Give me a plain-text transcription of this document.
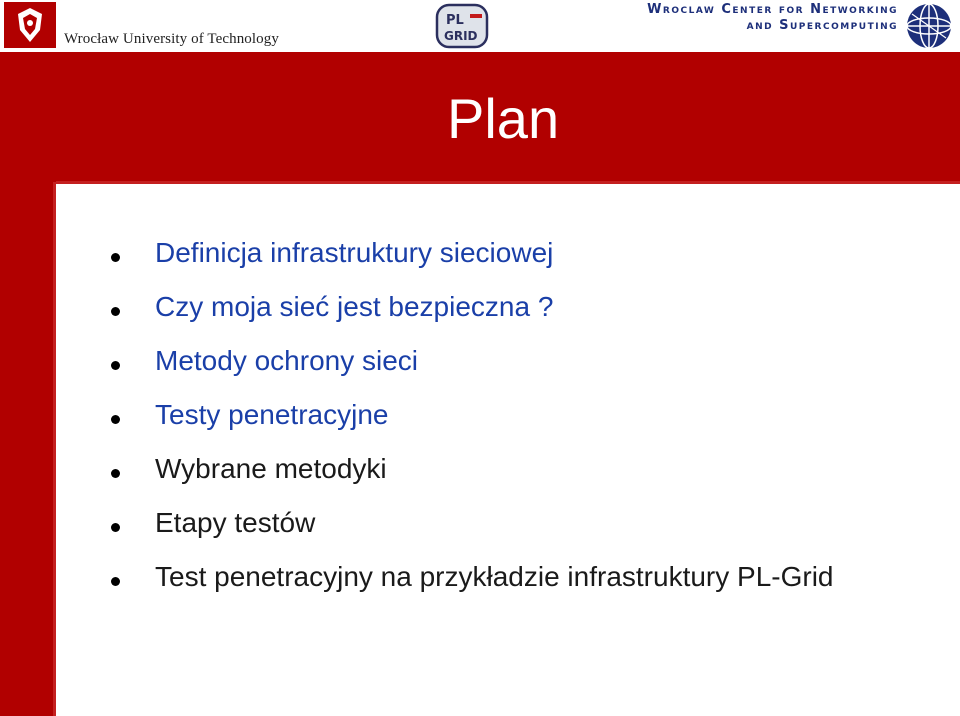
Wrocław University of Technology
PL
GRID
Wroclaw Center for Networking
and Supercomputing
Plan
Definicja infrastruktury sieciowej
Czy moja sieć jest bezpieczna ?
Metody ochrony sieci
Testy penetracyjne
Wybrane metodyki
Etapy testów
Test penetracyjny na przykładzie infrastruktury PL-Grid
